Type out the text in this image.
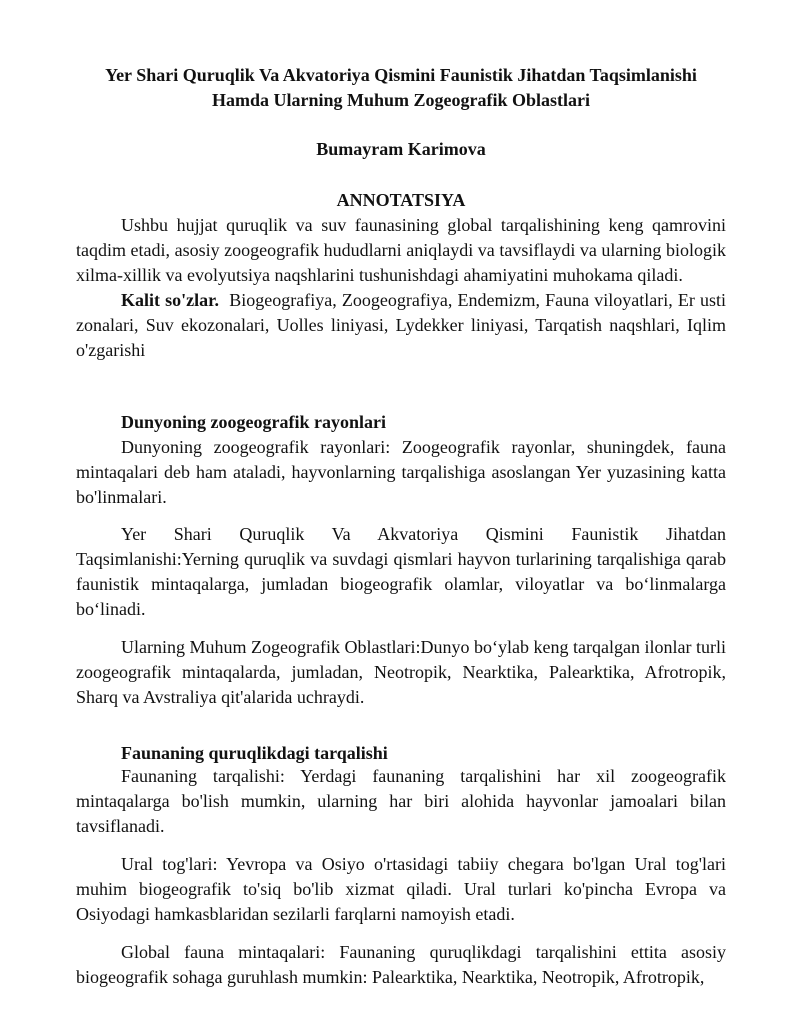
Yer Shari Quruqlik Va Akvatoriya Qismini Faunistik Jihatdan Taqsimlanishi
Hamda Ularning Muhum Zogeografik Oblastlari

Bumayram Karimova

ANNOTATSIYA

Ushbu hujjat quruqlik va suv faunasining global tarqalishining keng qamrovini taqdim etadi, asosiy zoogeografik hududlarni aniqlaydi va tavsiflaydi va ularning biologik xilma-xillik va evolyutsiya naqshlarini tushunishdagi ahamiyatini muhokama qiladi.

Kalit so'zlar. Biogeografiya, Zoogeografiya, Endemizm, Fauna viloyatlari, Er usti zonalari, Suv ekozonalari, Uolles liniyasi, Lydekker liniyasi, Tarqatish naqshlari, Iqlim o'zgarishi

Dunyoning zoogeografik rayonlari

Dunyoning zoogeografik rayonlari: Zoogeografik rayonlar, shuningdek, fauna mintaqalari deb ham ataladi, hayvonlarning tarqalishiga asoslangan Yer yuzasining katta bo'linmalari.

Yer Shari Quruqlik Va Akvatoriya Qismini Faunistik Jihatdan Taqsimlanishi:Yerning quruqlik va suvdagi qismlari hayvon turlarining tarqalishiga qarab faunistik mintaqalarga, jumladan biogeografik olamlar, viloyatlar va bo‘linmalarga bo‘linadi.

Ularning Muhum Zogeografik Oblastlari:Dunyo bo‘ylab keng tarqalgan ilonlar turli zoogeografik mintaqalarda, jumladan, Neotropik, Nearktika, Palearktika, Afrotropik, Sharq va Avstraliya qit'alarida uchraydi.

Faunaning quruqlikdagi tarqalishi

Faunaning tarqalishi: Yerdagi faunaning tarqalishini har xil zoogeografik mintaqalarga bo'lish mumkin, ularning har biri alohida hayvonlar jamoalari bilan tavsiflanadi.

Ural tog'lari: Yevropa va Osiyo o'rtasidagi tabiiy chegara bo'lgan Ural tog'lari muhim biogeografik to'siq bo'lib xizmat qiladi. Ural turlari ko'pincha Evropa va Osiyodagi hamkasblaridan sezilarli farqlarni namoyish etadi.

Global fauna mintaqalari: Faunaning quruqlikdagi tarqalishini ettita asosiy biogeografik sohaga guruhlash mumkin: Palearktika, Nearktika, Neotropik, Afrotropik,
